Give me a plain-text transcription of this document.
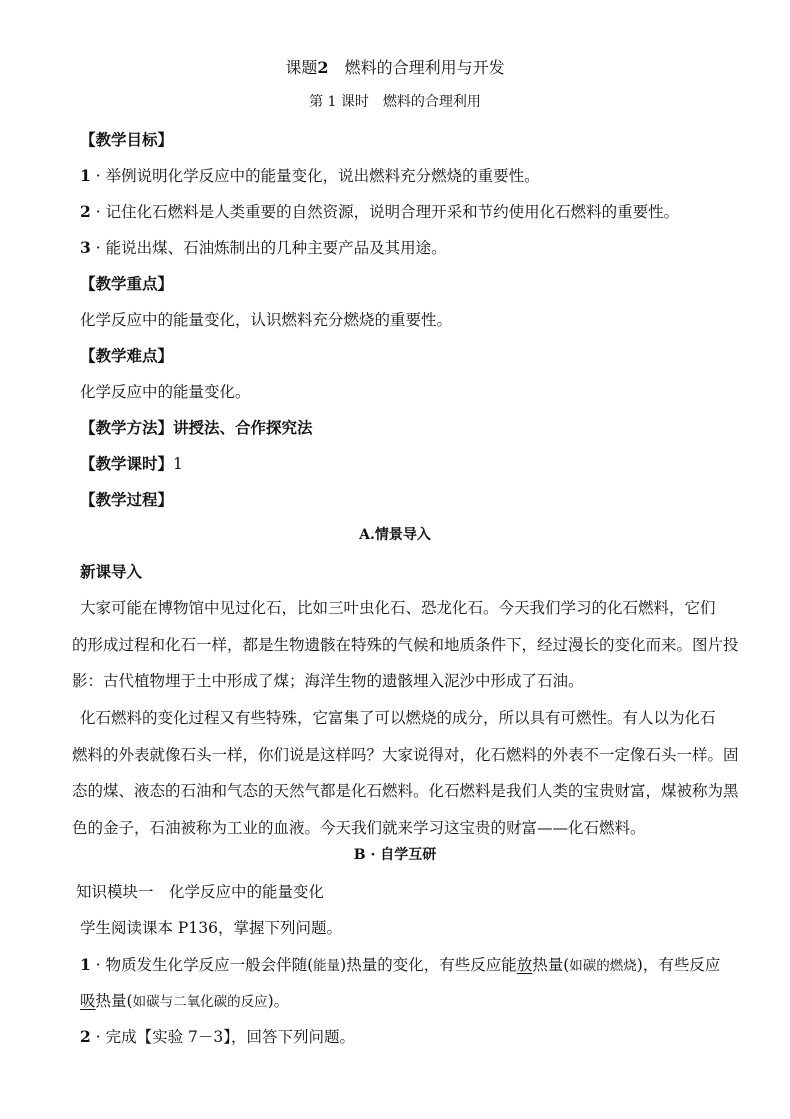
课题2　 燃料的合理利用与开发
第 1 课时　燃料的合理利用
【教学目标】
1 · 举例说明化学反应中的能量变化，说出燃料充分燃烧的重要性。
2 · 记住化石燃料是人类重要的自然资源，说明合理开采和节约使用化石燃料的重要性。
3 · 能说出煤、石油炼制出的几种主要产品及其用途。
【教学重点】
化学反应中的能量变化，认识燃料充分燃烧的重要性。
【教学难点】
化学反应中的能量变化。
【教学方法】讲授法、合作探究法
【教学课时】1
【教学过程】
A.情景导入
新课导入
大家可能在博物馆中见过化石，比如三叶虫化石、恐龙化石。今天我们学习的化石燃料，它们
的形成过程和化石一样，都是生物遗骸在特殊的气候和地质条件下，经过漫长的变化而来。图片投
影：古代植物埋于土中形成了煤；海洋生物的遗骸埋入泥沙中形成了石油。
化石燃料的变化过程又有些特殊，它富集了可以燃烧的成分，所以具有可燃性。有人以为化石
燃料的外表就像石头一样，你们说是这样吗？大家说得对，化石燃料的外表不一定像石头一样。固
态的煤、液态的石油和气态的天然气都是化石燃料。化石燃料是我们人类的宝贵财富，煤被称为黑
色的金子，石油被称为工业的血液。今天我们就来学习这宝贵的财富——化石燃料。
B · 自学互研
知识模块一　化学反应中的能量变化
学生阅读课本 P136，掌握下列问题。
1 · 物质发生化学反应一般会伴随(能量)热量的变化，有些反应能放热量(如碳的燃烧)，有些反应
吸热量(如碳与二氧化碳的反应)。
2 · 完成【实验 7－3】，回答下列问题。
